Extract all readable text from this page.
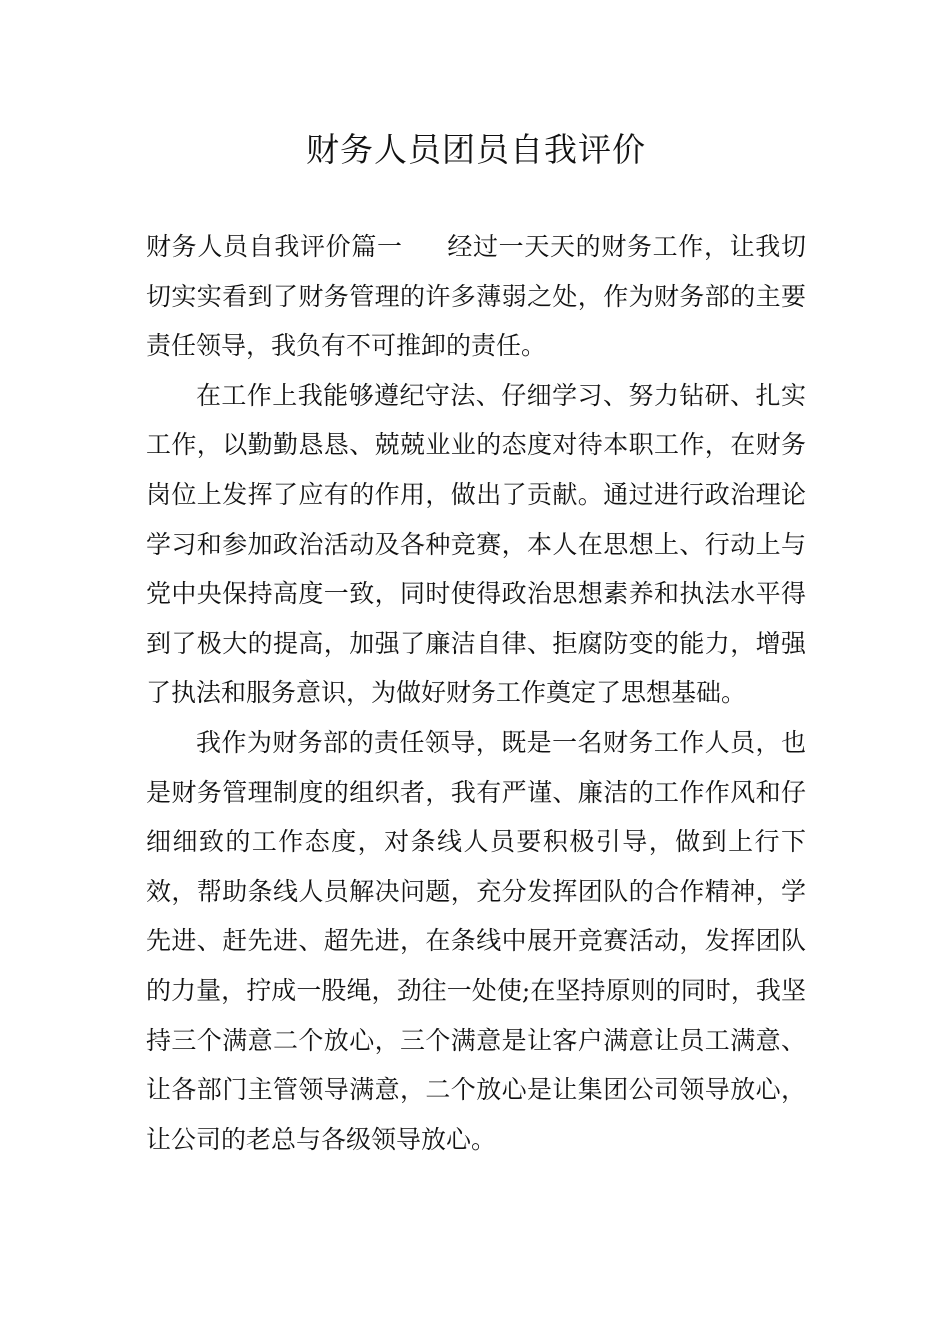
财务人员团员自我评价

财务人员自我评价篇一 经过一天天的财务工作，让我切切实实看到了财务管理的许多薄弱之处，作为财务部的主要责任领导，我负有不可推卸的责任。

在工作上我能够遵纪守法、仔细学习、努力钻研、扎实工作，以勤勤恳恳、兢兢业业的态度对待本职工作，在财务岗位上发挥了应有的作用，做出了贡献。通过进行政治理论学习和参加政治活动及各种竞赛，本人在思想上、行动上与党中央保持高度一致，同时使得政治思想素养和执法水平得到了极大的提高，加强了廉洁自律、拒腐防变的能力，增强了执法和服务意识，为做好财务工作奠定了思想基础。

我作为财务部的责任领导，既是一名财务工作人员，也是财务管理制度的组织者，我有严谨、廉洁的工作作风和仔细细致的工作态度，对条线人员要积极引导，做到上行下效，帮助条线人员解决问题，充分发挥团队的合作精神，学先进、赶先进、超先进，在条线中展开竞赛活动，发挥团队的力量，拧成一股绳，劲往一处使;在坚持原则的同时，我坚持三个满意二个放心，三个满意是让客户满意让员工满意、让各部门主管领导满意，二个放心是让集团公司领导放心，让公司的老总与各级领导放心。
